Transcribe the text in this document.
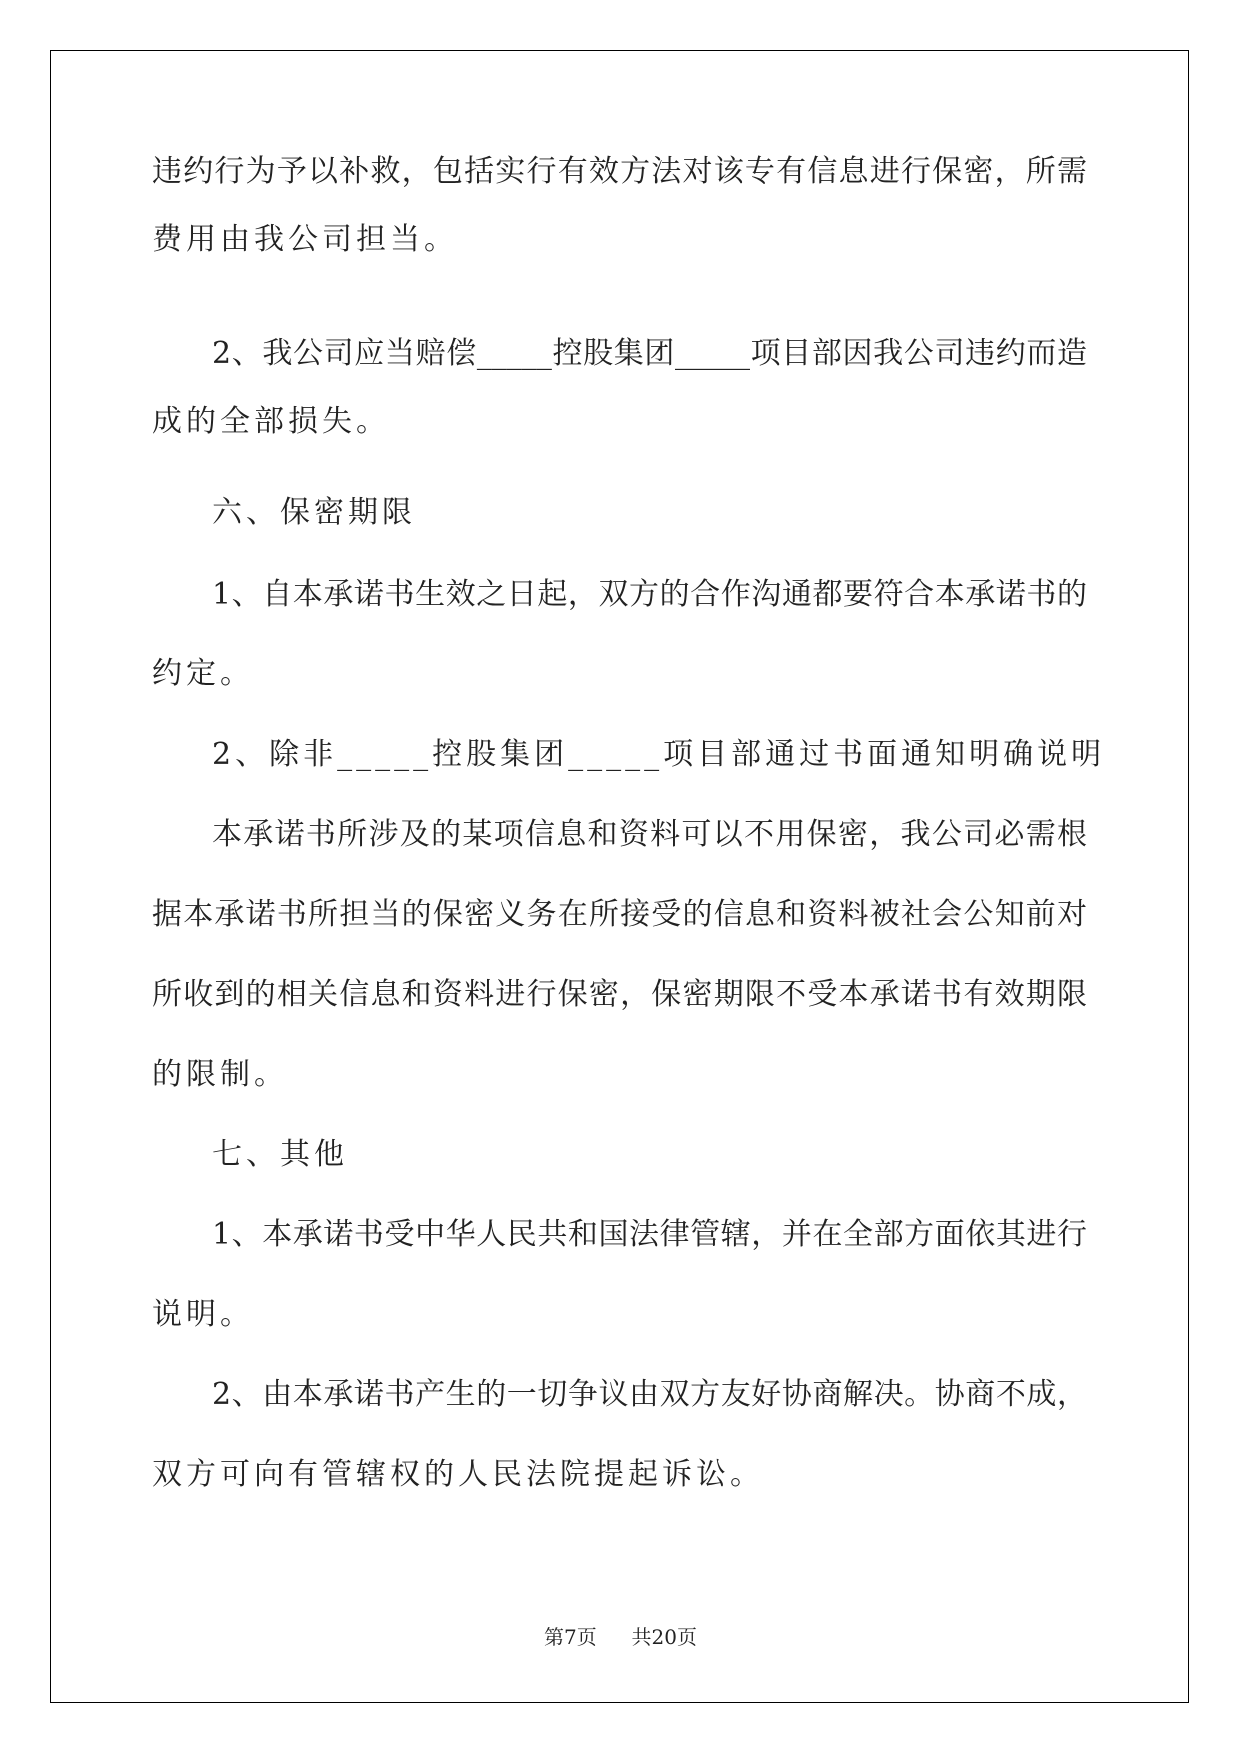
违约行为予以补救，包括实行有效方法对该专有信息进行保密，所需
费用由我公司担当。
2、我公司应当赔偿_____控股集团_____项目部因我公司违约而造
成的全部损失。
六、保密期限
1、自本承诺书生效之日起，双方的合作沟通都要符合本承诺书的
约定。
2、除非_____控股集团_____项目部通过书面通知明确说明
本承诺书所涉及的某项信息和资料可以不用保密，我公司必需根
据本承诺书所担当的保密义务在所接受的信息和资料被社会公知前对
所收到的相关信息和资料进行保密，保密期限不受本承诺书有效期限
的限制。
七、其他
1、本承诺书受中华人民共和国法律管辖，并在全部方面依其进行
说明。
2、由本承诺书产生的一切争议由双方友好协商解决。协商不成，
双方可向有管辖权的人民法院提起诉讼。
第7页 共20页
